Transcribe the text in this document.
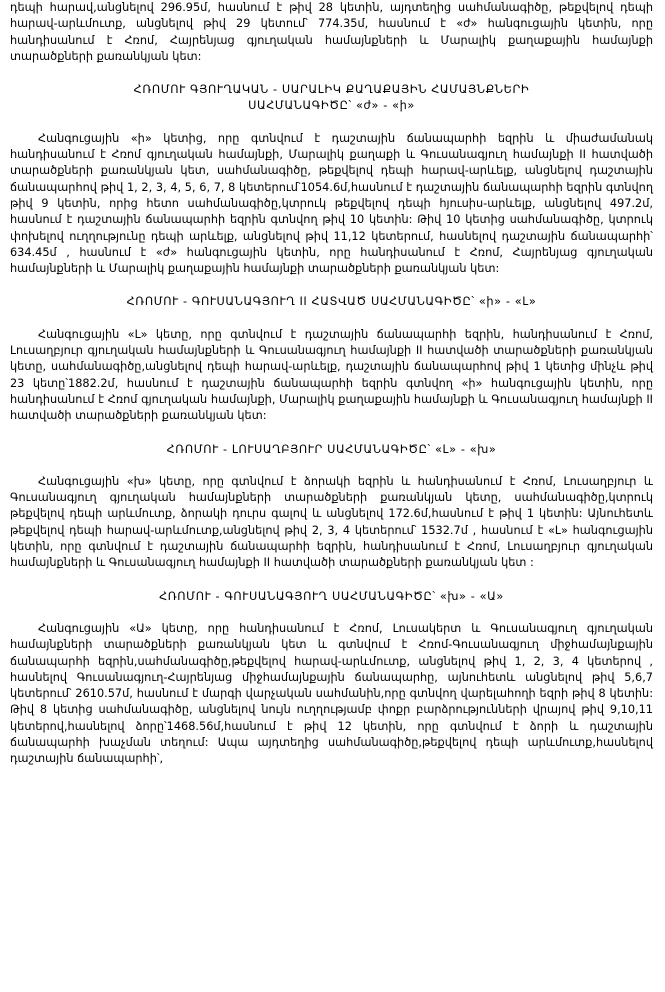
դեպի հարավ,անցնելով 296.95մ, հասնում է թիվ 28 կետին, այդտեղից սահմանագիծը, թեքվելով դեպի հարավ-արևմուտք, անցնելով թիվ 29 կետում՝ 774.35մ, հասնում է «ժ» հանգուցային կետին, որը հանդիսանում է Հռոմ, Հայրենյաց գյուղական համայնքների և Մարալիկ քաղաքային համայնքի տարածքների քառանկյան կետ:

ՀՌՈՄՈՒ ԳՅՈՒՂԱԿԱՆ - ՍԱՐԱԼԻԿ ՔԱՂԱՔԱՅԻՆ ՀԱՄԱՅՆՔՆԵՐԻ
ՍԱՀՄԱՆԱԳԻԾԸ՝ «ժ» - «ի»

Հանգուցային «ի» կետից, որը գտնվում է դաշտային ճանապարհի եզրին և միաժամանակ հանդիսանում է Հռոմ գյուղական համայնքի, Մարալիկ քաղաքի և Գուսանագյուղ համայնքի II հատվածի տարածքների քառանկյան կետ, սահմանագիծը, թեքվելով դեպի հարավ-արևելք, անցնելով դաշտային ճանապարհով թիվ 1, 2, 3, 4, 5, 6, 7, 8 կետերում՝1054.6մ,հասնում է դաշտային ճանապարհի եզրին գտնվող թիվ 9 կետին, որից հետո սահմանագիծը,կտրուկ թեքվելով դեպի հյուսիս-արևելք, անցնելով 497.2մ, հասնում է դաշտային ճանապարհի եզրին գտնվող թիվ 10 կետին: Թիվ 10 կետից սահմանագիծը, կտրուկ փոխելով ուղղությունը դեպի արևելք, անցնելով թիվ 11,12 կետերում, հասնելով դաշտային ճանապարհի՝ 634.45մ , հասնում է «ժ» հանգուցային կետին, որը հանդիսանում է Հռոմ, Հայրենյաց գյուղական համայնքների և Մարալիկ քաղաքային համայնքի տարածքների քառանկյան կետ:

ՀՌՈՄՈՒ - ԳՈՒՍԱՆԱԳՅՈՒՂ II ՀԱՏՎԱԾ ՍԱՀՄԱՆԱԳԻԾԸ՝ «ի» - «Լ»

Հանգուցային «Լ» կետը, որը գտնվում է դաշտային ճանապարհի եզրին, հանդիսանում է Հռոմ, Լուսաղբյուր գյուղական համայնքների և Գուսանագյուղ համայնքի II հատվածի տարածքների քառանկյան կետը, սահմանագիծը,անցնելով դեպի հարավ-արևելք, դաշտային ճանապարհով թիվ 1 կետից մինչև թիվ 23 կետը՝1882.2մ, հասնում է դաշտային ճանապարհի եզրին գտնվող «ի» հանգուցային կետին, որը հանդիսանում է Հռոմ գյուղական համայնքի, Մարալիկ քաղաքային համայնքի և Գուսանագյուղ համայնքի II հատվածի տարածքների քառանկյան կետ:

ՀՌՈՄՈՒ - ԼՈՒՍԱՂԲՅՈՒՐ ՍԱՀՄԱՆԱԳԻԾԸ՝ «Լ» - «խ»

Հանգուցային «խ» կետը, որը գտնվում է ձորակի եզրին և հանդիսանում է Հռոմ, Լուսաղբյուր և Գուսանագյուղ գյուղական համայնքների տարածքների քառանկյան կետը, սահմանագիծը,կտրուկ թեքվելով դեպի արևմուտք, ձորակի դուրս գալով և անցնելով 172.6մ,հասնում է թիվ 1 կետին: Այնուհետև թեքվելով դեպի հարավ-արևմուտք,անցնելով թիվ 2, 3, 4 կետերում՝ 1532.7մ , հասնում է «Լ» հանգուցային կետին, որը գտնվում է դաշտային ճանապարհի եզրին, հանդիսանում է Հռոմ, Լուսաղբյուր գյուղական համայնքների և Գուսանագյուղ համայնքի II հատվածի տարածքների քառանկյան կետ :

ՀՌՈՄՈՒ - ԳՈՒՍԱՆԱԳՅՈՒՂ ՍԱՀՄԱՆԱԳԻԾԸ՝ «խ» - «Ա»

Հանգուցային «Ա» կետը, որը հանդիսանում է Հռոմ, Լուսակերտ և Գուսանագյուղ գյուղական համայնքների տարածքների քառանկյան կետ և գտնվում է Հռոմ-Գուսանագյուղ միջհամայնքային ճանապարհի եզրին,սահմանագիծը,թեքվելով հարավ-արևմուտք, անցնելով թիվ 1, 2, 3, 4 կետերով , հասնելով Գուսանագյուղ-Հայրենյաց միջհամայնքային ճանապարհը, այնուհետև անցնելով թիվ 5,6,7 կետերում՝ 2610.57մ, հասնում է մարգի վարչական սահմանին,որը գտնվող վարելահողի եզրի թիվ 8 կետին: Թիվ 8 կետից սահմանագիծը, անցնելով նույն ուղղությամբ փոքր բարձրությունների վրայով թիվ 9,10,11 կետերով,հասնելով ձորը՝1468.56մ,հասնում է թիվ 12 կետին, որը գտնվում է ձորի և դաշտային ճանապարհի խաչման տեղում: Ապա այդտեղից սահմանագիծը,թեքվելով դեպի արևմուտք,հասնելով դաշտային ճանապարհի՝,
